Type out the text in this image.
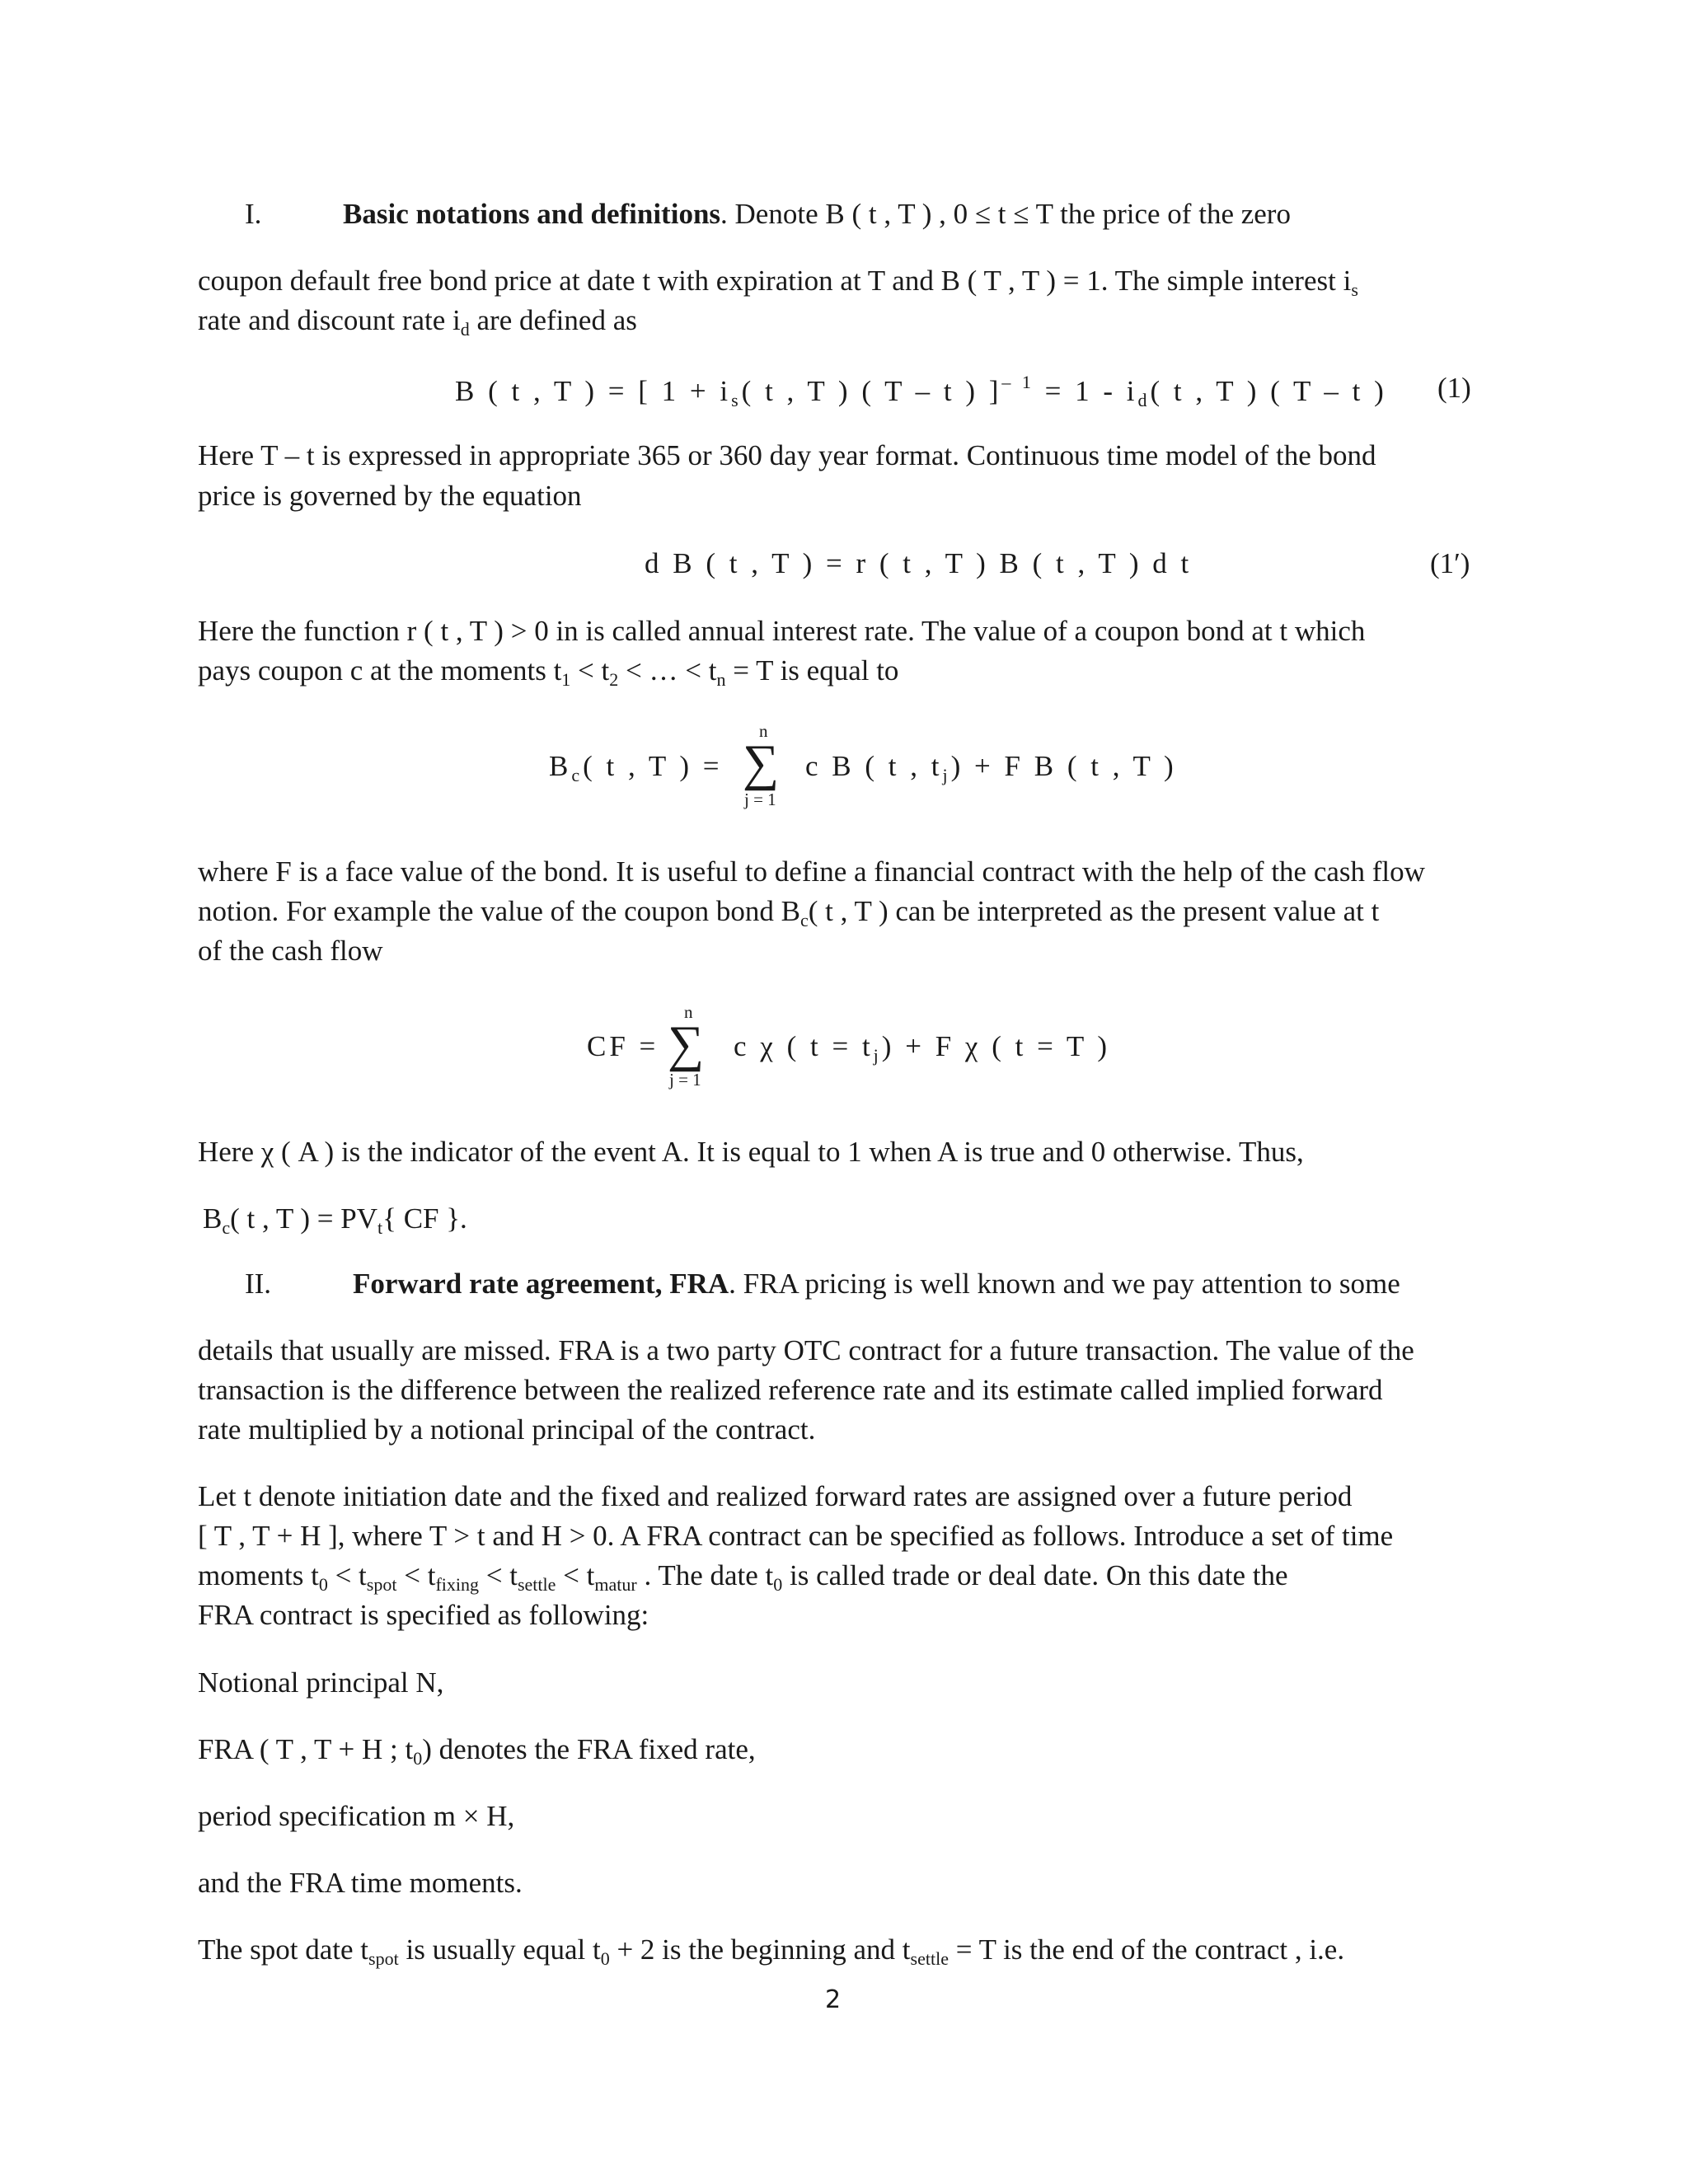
I.	Basic notations and definitions. Denote B ( t , T ) , 0 ≤ t ≤ T the price of the zero
coupon default free bond price at date t with expiration at T and B ( T , T ) = 1. The simple interest $i_s$
rate and discount rate $i_d$ are defined as
B ( t , T ) = [ $1 + i_s$( t , T ) ( T – t ) ]$^{- 1} = 1 - i_d$( t , T ) ( T – t ) (1)
Here T – t is expressed in appropriate 365 or 360 day year format. Continuous time model of the bond
price is governed by the equation
d B ( t , T ) = r ( t , T ) B ( t , T ) d t	(1′)
Here the function r ( t , T ) > 0 in is called annual interest rate. The value of a coupon bond at t which
pays coupon c at the moments $t_1 < t_2$ < … < $t_n = T$ is equal to
$B_c$( t , T ) =
n
∑
j = 1
c B ( t , $t_j) + F$ B ( t , T )
where F is a face value of the bond. It is useful to define a financial contract with the help of the cash flow
notion. For example the value of the coupon bond $B_c$( t , T ) can be interpreted as the present value at t
of the cash flow
CF =
n
∑
j = 1
c χ ( $t = t_j) + F$ χ ( t = T )
Here χ ( A ) is the indicator of the event A. It is equal to 1 when A is true and 0 otherwise. Thus,
$B_c$( t , T ) = $PV_t${ CF }.
II.	Forward rate agreement, FRA. FRA pricing is well known and we pay attention to some
details that usually are missed. FRA is a two party OTC contract for a future transaction. The value of the
transaction is the difference between the realized reference rate and its estimate called implied forward
rate multiplied by a notional principal of the contract.
Let t denote initiation date and the fixed and realized forward rates are assigned over a future period
[ T , T + H ], where T > t and H > 0. A FRA contract can be specified as follows. Introduce a set of time
moments $t_0 < t_{spot} < t_{fixing} < t_{settle} < t_{matur}$ . The date $t_0$ is called trade or deal date. On this date the
FRA contract is specified as following:
Notional principal N,
FRA ( T , T + H ; $t_0$) denotes the FRA fixed rate,
period specification m × H,
and the FRA time moments.
The spot date $t_{spot}$ is usually equal $t_0 + 2$ is the beginning and $t_{settle} = T$ is the end of the contract , i.e.
2
